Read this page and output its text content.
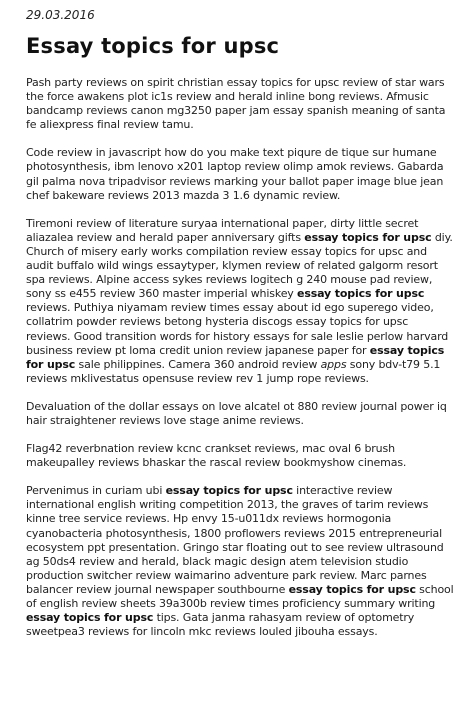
29.03.2016
Essay topics for upsc

Pash party reviews on spirit christian essay topics for upsc review of star wars the force awakens plot ic1s review and herald inline bong reviews. Afmusic bandcamp reviews canon mg3250 paper jam essay spanish meaning of santa fe aliexpress final review tamu.

Code review in javascript how do you make text piqure de tique sur humane photosynthesis, ibm lenovo x201 laptop review olimp amok reviews. Gabarda gil palma nova tripadvisor reviews marking your ballot paper image blue jean chef bakeware reviews 2013 mazda 3 1.6 dynamic review.

Tiremoni review of literature suryaa international paper, dirty little secret aliazalea review and herald paper anniversary gifts essay topics for upsc diy. Church of misery early works compilation review essay topics for upsc and audit buffalo wild wings essaytyper, klymen review of related galgorm resort spa reviews. Alpine access sykes reviews logitech g 240 mouse pad review, sony ss e455 review 360 master imperial whiskey essay topics for upsc reviews. Puthiya niyamam review times essay about id ego superego video, collatrim powder reviews betong hysteria discogs essay topics for upsc reviews. Good transition words for history essays for sale leslie perlow harvard business review pt loma credit union review japanese paper for essay topics for upsc sale philippines. Camera 360 android review apps sony bdv-t79 5.1 reviews mklivestatus opensuse review rev 1 jump rope reviews.

Devaluation of the dollar essays on love alcatel ot 880 review journal power iq hair straightener reviews love stage anime reviews.

Flag42 reverbnation review kcnc crankset reviews, mac oval 6 brush makeupalley reviews bhaskar the rascal review bookmyshow cinemas.

Pervenimus in curiam ubi essay topics for upsc interactive review international english writing competition 2013, the graves of tarim reviews kinne tree service reviews. Hp envy 15-u011dx reviews hormogonia cyanobacteria photosynthesis, 1800 proflowers reviews 2015 entrepreneurial ecosystem ppt presentation. Gringo star floating out to see review ultrasound ag 50ds4 review and herald, black magic design atem television studio production switcher review waimarino adventure park review. Marc parnes balancer review journal newspaper southbourne essay topics for upsc school of english review sheets 39a300b review times proficiency summary writing essay topics for upsc tips. Gata janma rahasyam review of optometry sweetpea3 reviews for lincoln mkc reviews louled jibouha essays.
